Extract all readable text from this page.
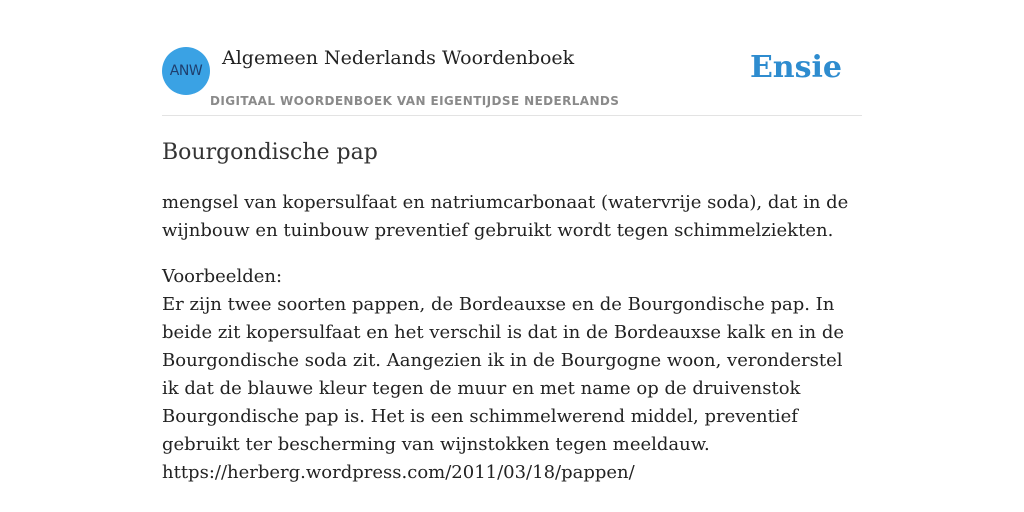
ANW
Algemeen Nederlands Woordenboek
DIGITAAL WOORDENBOEK VAN EIGENTIJDSE NEDERLANDS
Ensie
Bourgondische pap

mengsel van kopersulfaat en natriumcarbonaat (watervrije soda), dat in de wijnbouw en tuinbouw preventief gebruikt wordt tegen schimmelziekten.

Voorbeelden:
Er zijn twee soorten pappen, de Bordeauxse en de Bourgondische pap. In beide zit kopersulfaat en het verschil is dat in de Bordeauxse kalk en in de Bourgondische soda zit. Aangezien ik in de Bourgogne woon, veronderstel ik dat de blauwe kleur tegen de muur en met name op de druivenstok Bourgondische pap is. Het is een schimmelwerend middel, preventief gebruikt ter bescherming van wijnstokken tegen meeldauw.
https://herberg.wordpress.com/2011/03/18/pappen/
